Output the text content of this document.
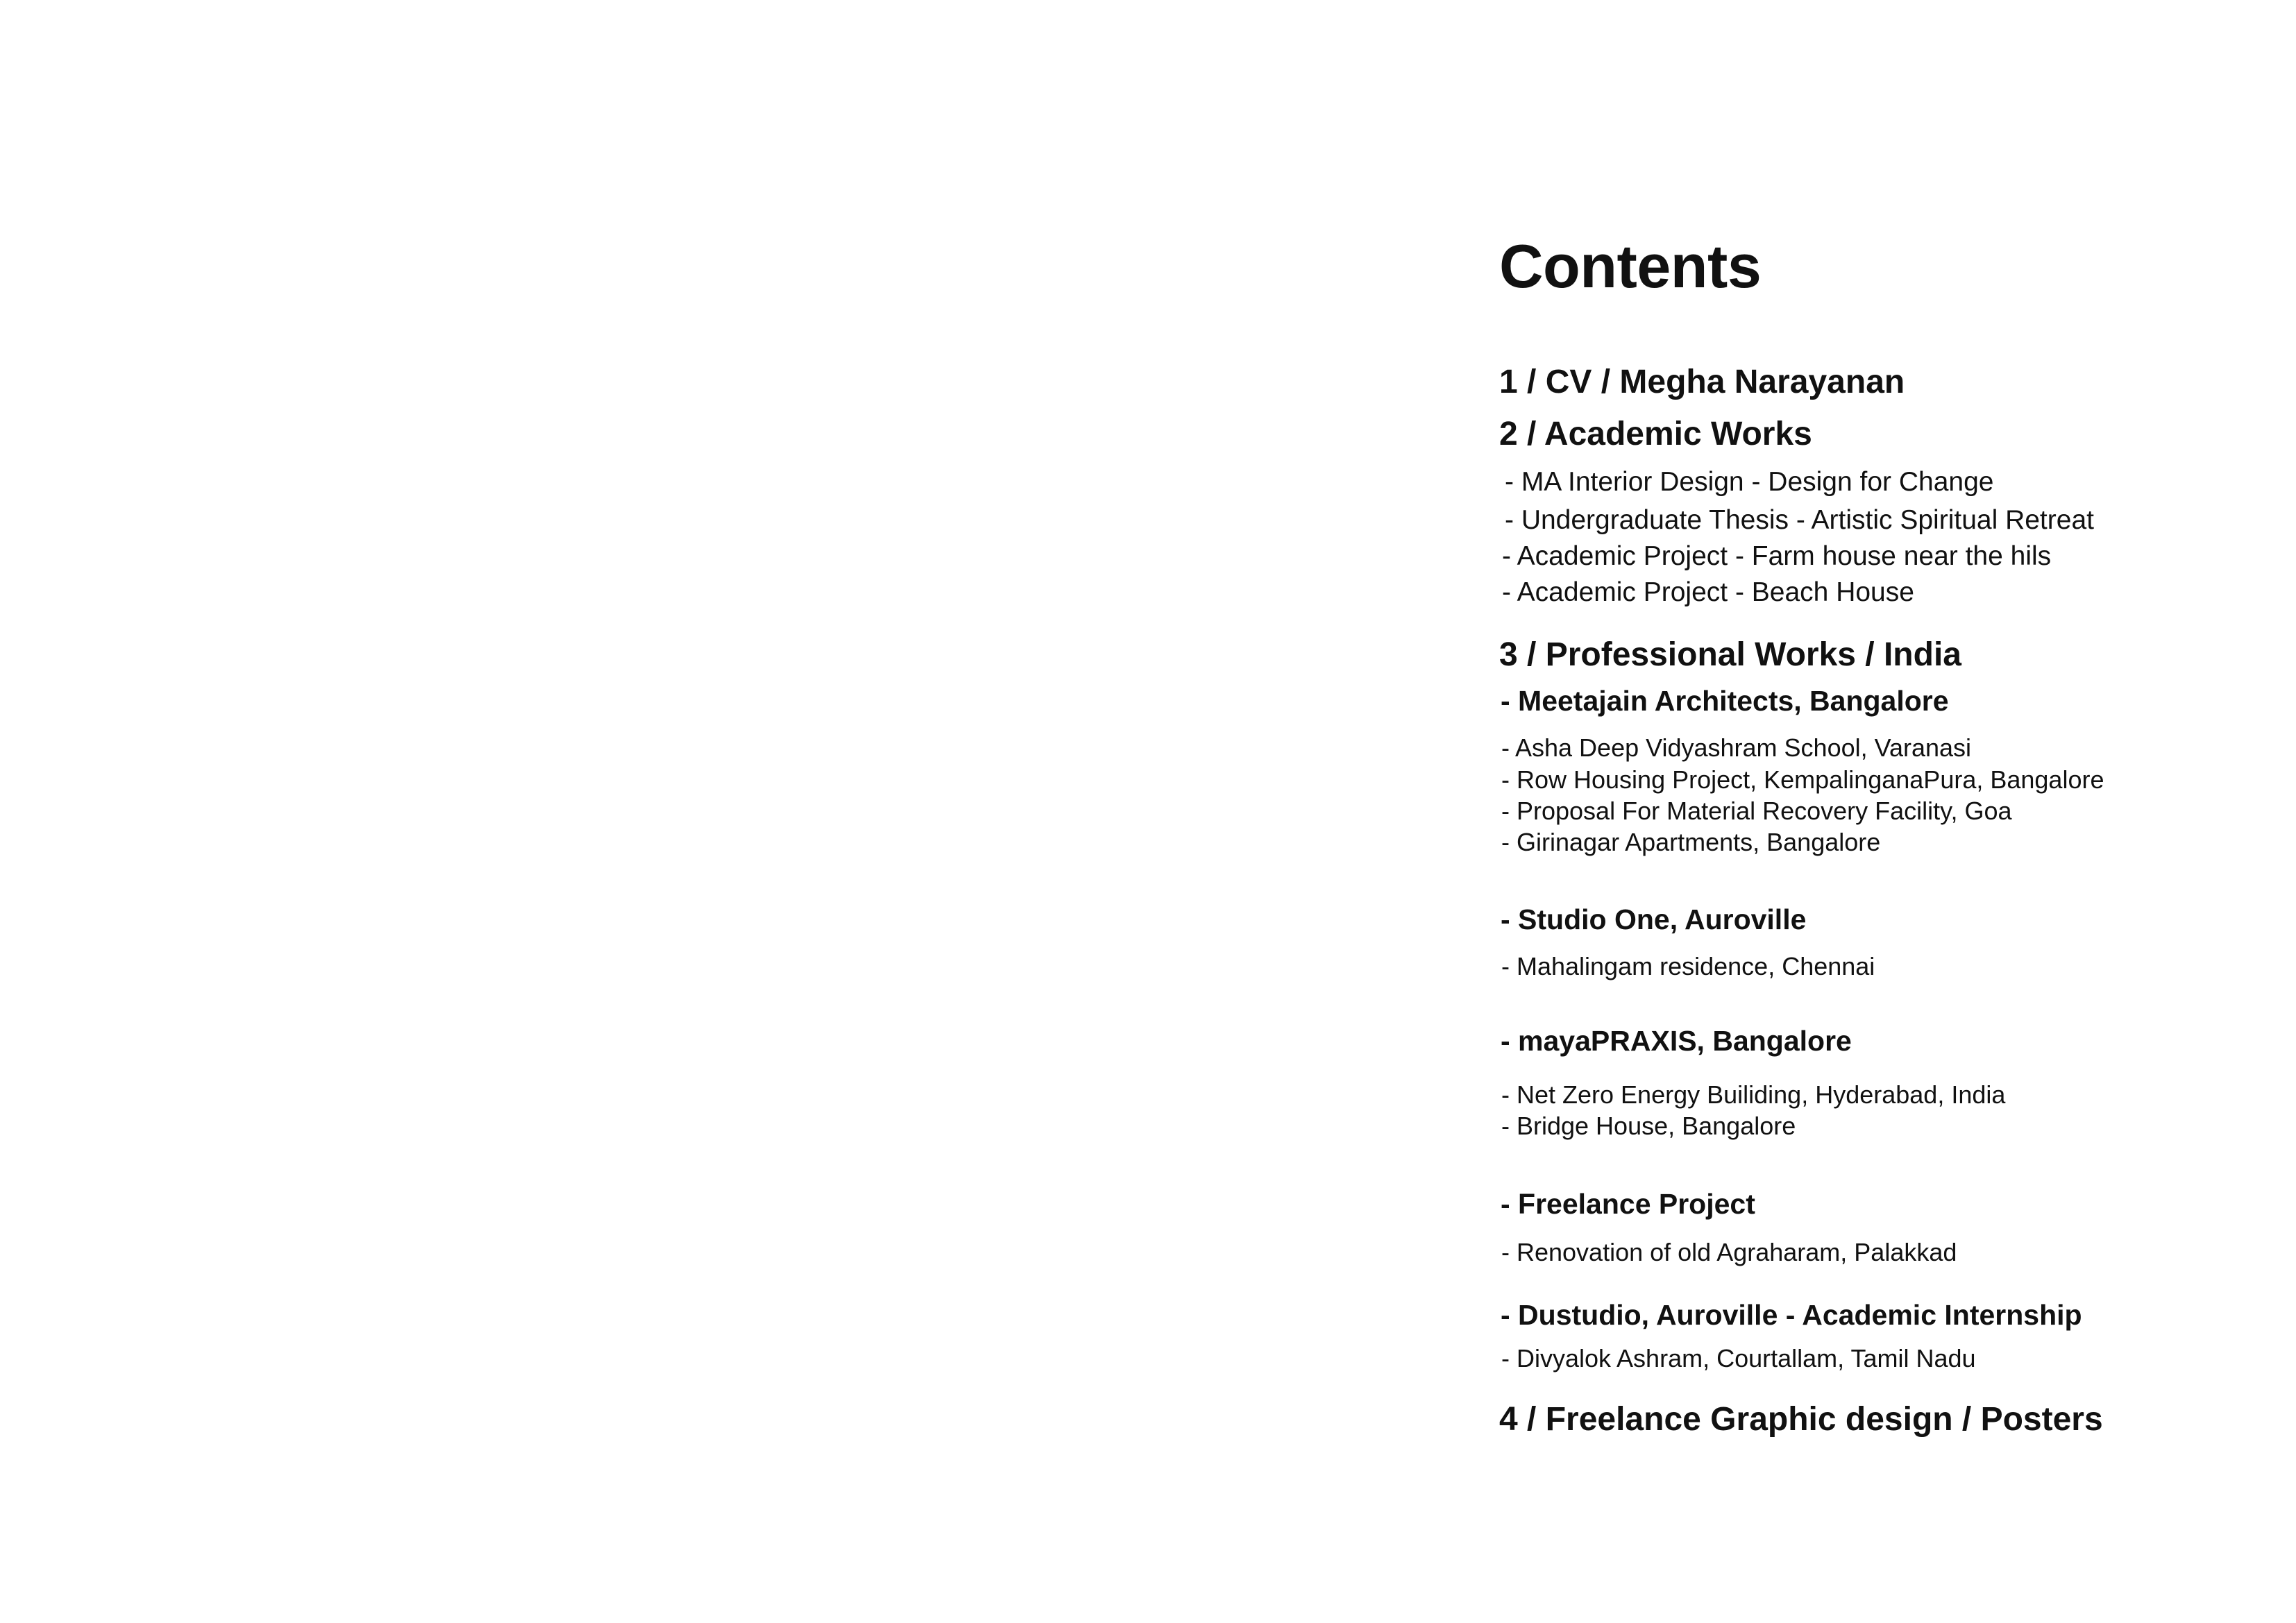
Contents
1 / CV / Megha Narayanan
2 / Academic Works
- MA Interior Design - Design for Change
- Undergraduate Thesis - Artistic Spiritual Retreat
- Academic Project - Farm house near the hils
- Academic Project - Beach House
3 / Professional Works / India
- Meetajain Architects, Bangalore
- Asha Deep Vidyashram School, Varanasi
- Row Housing Project, KempalinganaPura, Bangalore
- Proposal For Material Recovery Facility, Goa
- Girinagar Apartments, Bangalore
- Studio One, Auroville
- Mahalingam residence, Chennai
- mayaPRAXIS, Bangalore
- Net Zero Energy Builiding, Hyderabad, India
- Bridge House, Bangalore
- Freelance Project
- Renovation of old Agraharam, Palakkad
- Dustudio, Auroville - Academic Internship
- Divyalok Ashram, Courtallam, Tamil Nadu
4 / Freelance Graphic design / Posters
